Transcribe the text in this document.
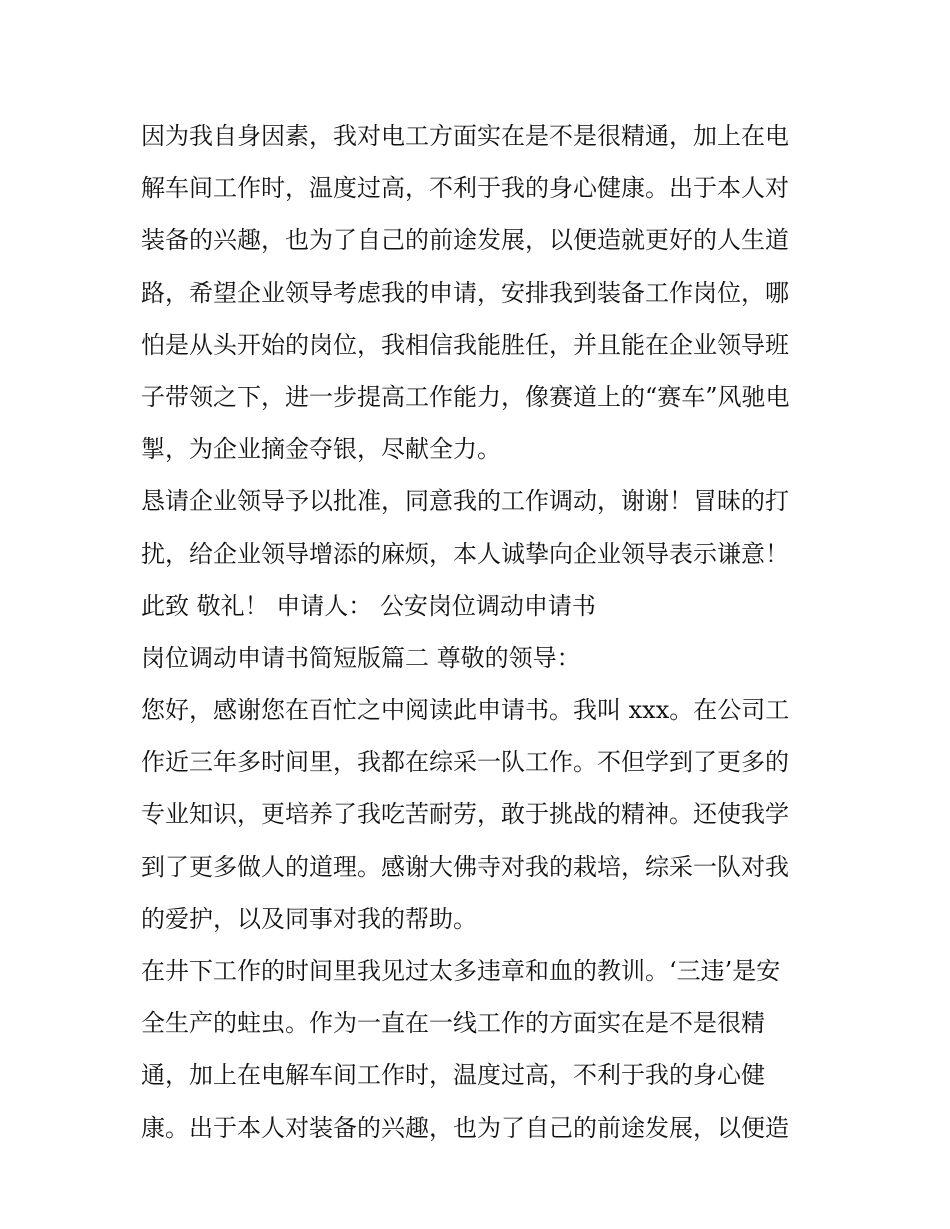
因为我自身因素，我对电工方面实在是不是很精通，加上在电
解车间工作时，温度过高，不利于我的身心健康。出于本人对
装备的兴趣，也为了自己的前途发展，以便造就更好的人生道
路，希望企业领导考虑我的申请，安排我到装备工作岗位，哪
怕是从头开始的岗位，我相信我能胜任，并且能在企业领导班
子带领之下，进一步提高工作能力，像赛道上的“赛车”风驰电
掣，为企业摘金夺银，尽献全力。
恳请企业领导予以批准，同意我的工作调动，谢谢！冒昧的打
扰，给企业领导增添的麻烦，本人诚挚向企业领导表示谦意！
此致 敬礼！ 申请人： 公安岗位调动申请书
岗位调动申请书简短版篇二 尊敬的领导：
您好，感谢您在百忙之中阅读此申请书。我叫 xxx。在公司工
作近三年多时间里，我都在综采一队工作。不但学到了更多的
专业知识，更培养了我吃苦耐劳，敢于挑战的精神。还使我学
到了更多做人的道理。感谢大佛寺对我的栽培，综采一队对我
的爱护，以及同事对我的帮助。
在井下工作的时间里我见过太多违章和血的教训。‘三违’是安
全生产的蛀虫。作为一直在一线工作的方面实在是不是很精
通，加上在电解车间工作时，温度过高，不利于我的身心健
康。出于本人对装备的兴趣，也为了自己的前途发展，以便造
